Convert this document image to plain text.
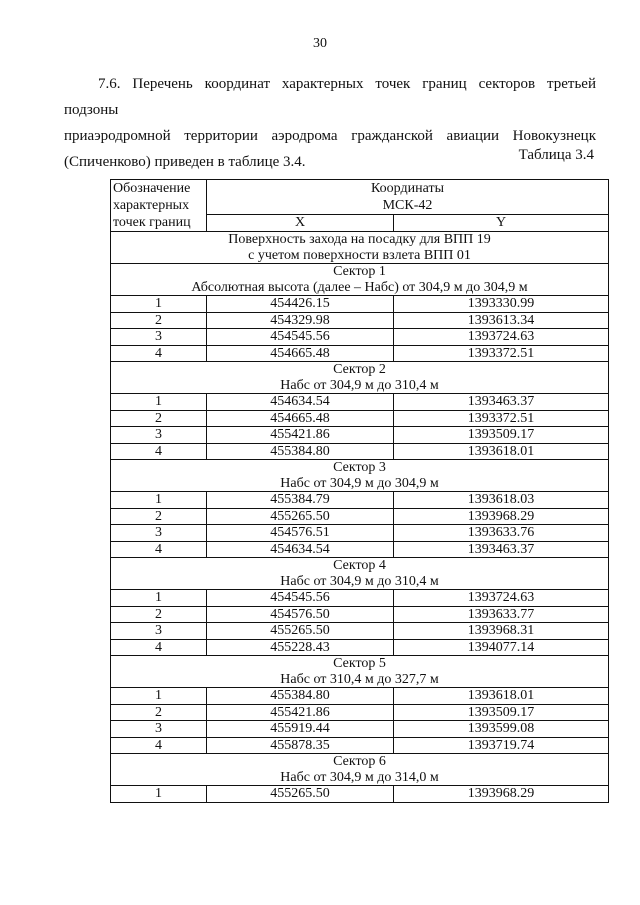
30

7.6. Перечень координат характерных точек границ секторов третьей подзоны
приаэродромной территории аэродрома гражданской авиации Новокузнецк
(Спиченково) приведен в таблице 3.4.	Таблица 3.4
Обозначение
характерных
точек границ	Координаты
МСК-42	

	X	Y

Поверхность захода на посадку для ВПП 19
с учетом поверхности взлета ВПП 01		

Сектор 1
Абсолютная высота (далее – Набс) от 304,9 м до 304,9 м		

1	454426.15	1393330.99
2	454329.98	1393613.34
3	454545.56	1393724.63
4	454665.48	1393372.51

Сектор 2
Набс от 304,9 м до 310,4 м		

1	454634.54	1393463.37
2	454665.48	1393372.51
3	455421.86	1393509.17
4	455384.80	1393618.01

Сектор 3
Набс от 304,9 м до 304,9 м		

1	455384.79	1393618.03
2	455265.50	1393968.29
3	454576.51	1393633.76
4	454634.54	1393463.37

Сектор 4
Набс от 304,9 м до 310,4 м		

1	454545.56	1393724.63
2	454576.50	1393633.77
3	455265.50	1393968.31
4	455228.43	1394077.14

Сектор 5
Набс от 310,4 м до 327,7 м		

1	455384.80	1393618.01
2	455421.86	1393509.17
3	455919.44	1393599.08
4	455878.35	1393719.74

Сектор 6
Набс от 304,9 м до 314,0 м		

1	455265.50	1393968.29
